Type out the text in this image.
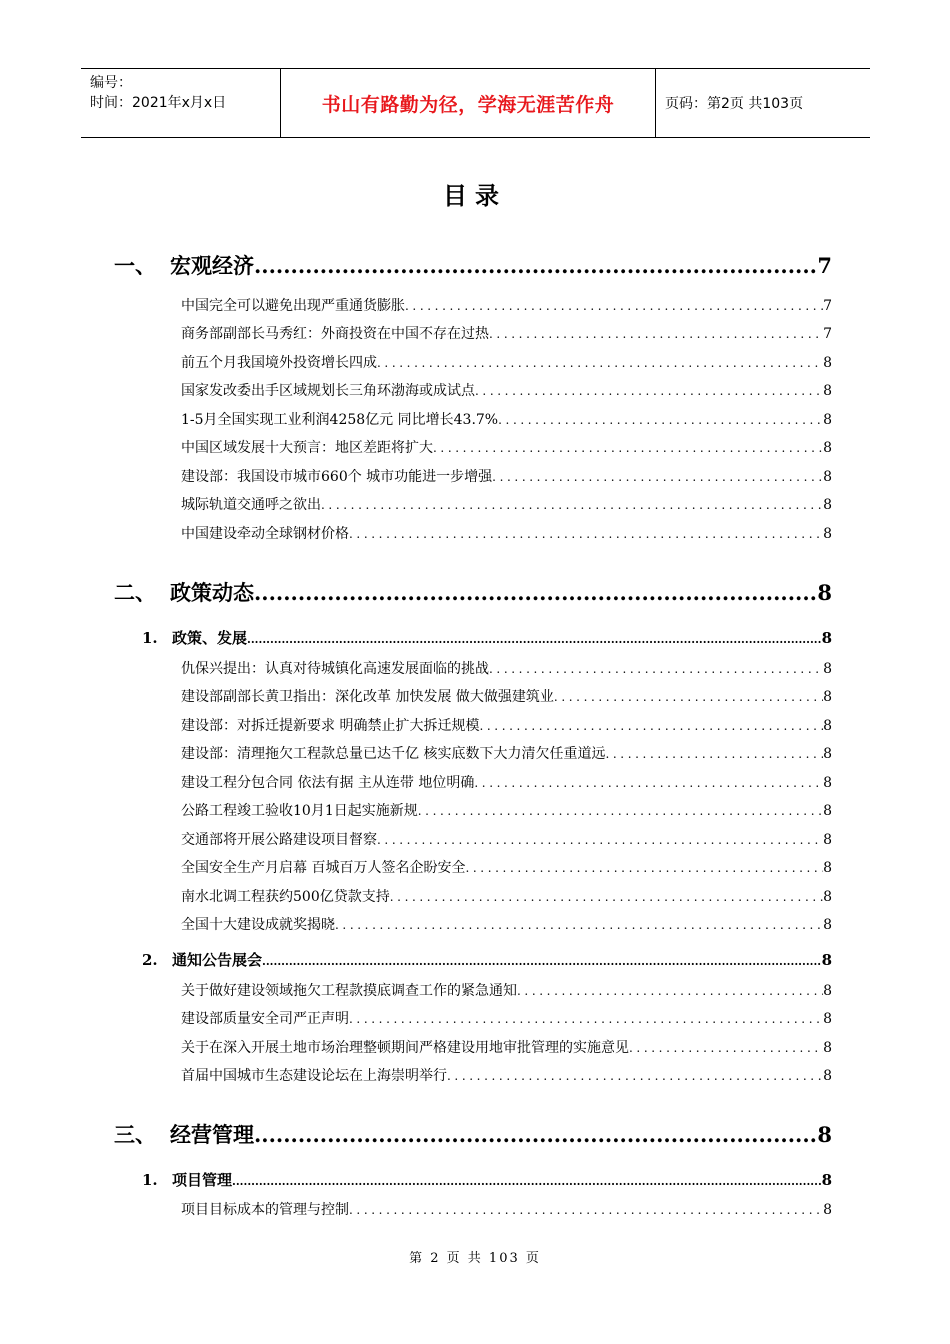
编号：
时间：2021年x月x日	书山有路勤为径，学海无涯苦作舟	页码：第2页 共103页
目录
一、 宏观经济 .....	7
中国完全可以避免出现严重通货膨胀 .....	7
商务部副部长马秀红：外商投资在中国不存在过热 .....	7
前五个月我国境外投资增长四成 .....	8
国家发改委出手区域规划长三角环渤海或成试点 .....	8
1-5月全国实现工业利润4258亿元 同比增长43.7% .....	8
中国区域发展十大预言：地区差距将扩大 .....	8
建设部：我国设市城市660个 城市功能进一步增强 .....	8
城际轨道交通呼之欲出 .....	8
中国建设牵动全球钢材价格 .....	8
二、 政策动态 .....	8
1. 政策、发展 .....	8
仇保兴提出：认真对待城镇化高速发展面临的挑战 .....	8
建设部副部长黄卫指出：深化改革 加快发展 做大做强建筑业 .....	8
建设部：对拆迁提新要求 明确禁止扩大拆迁规模 .....	8
建设部：清理拖欠工程款总量已达千亿 核实底数下大力清欠任重道远 .....	8
建设工程分包合同 依法有据 主从连带 地位明确 .....	8
公路工程竣工验收10月1日起实施新规 .....	8
交通部将开展公路建设项目督察 .....	8
全国安全生产月启幕 百城百万人签名企盼安全 .....	8
南水北调工程获约500亿贷款支持 .....	8
全国十大建设成就奖揭晓 .....	8
2. 通知公告展会 .....	8
关于做好建设领域拖欠工程款摸底调查工作的紧急通知 .....	8
建设部质量安全司严正声明 .....	8
关于在深入开展土地市场治理整顿期间严格建设用地审批管理的实施意见 .....	8
首届中国城市生态建设论坛在上海崇明举行 .....	8
三、 经营管理 .....	8
1. 项目管理 .....	8
项目目标成本的管理与控制 .....	8
第 2 页 共 103 页
